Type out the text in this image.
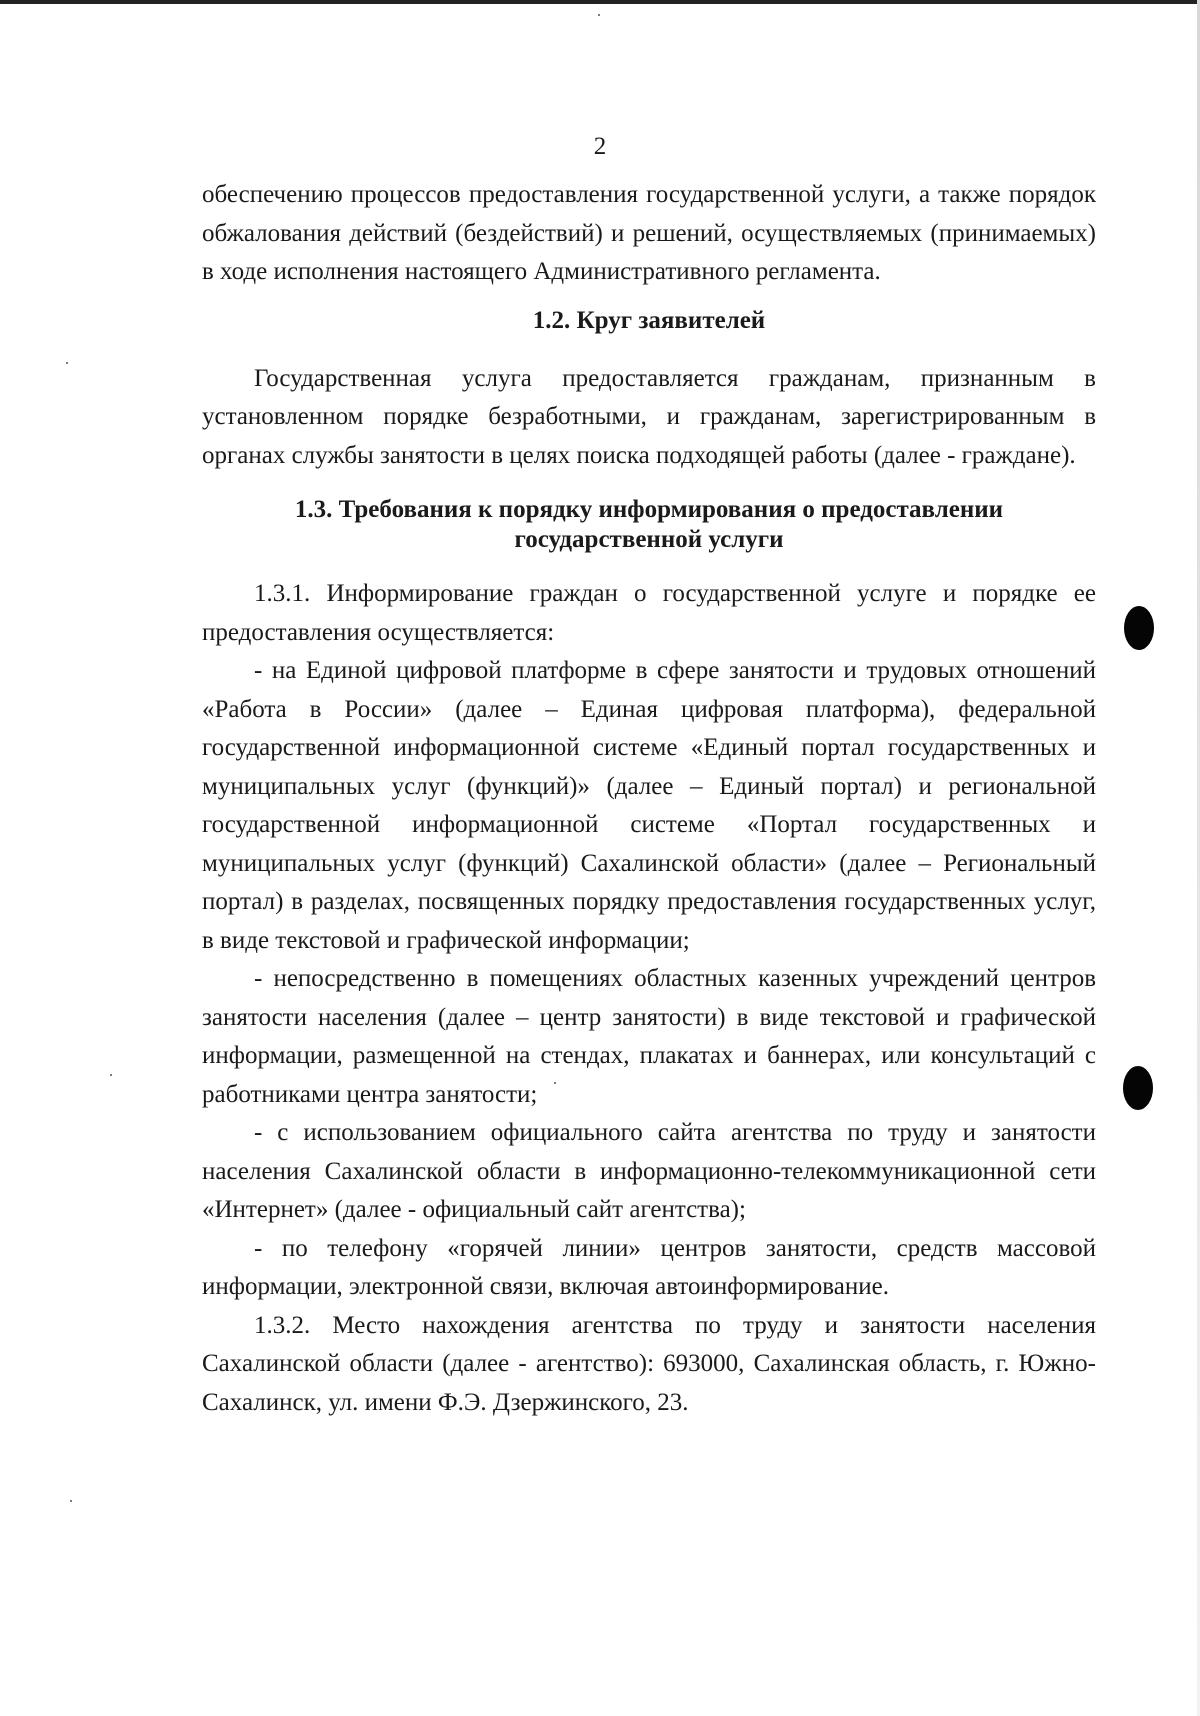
2

обеспечению процессов предоставления государственной услуги, а также порядок обжалования действий (бездействий) и решений, осуществляемых (принимаемых) в ходе исполнения настоящего Административного регламента.

1.2. Круг заявителей

Государственная услуга предоставляется гражданам, признанным в установленном порядке безработными, и гражданам, зарегистрированным в органах службы занятости в целях поиска подходящей работы (далее - граждане).

1.3. Требования к порядку информирования о предоставлении
государственной услуги

1.3.1. Информирование граждан о государственной услуге и порядке ее предоставления осуществляется:

- на Единой цифровой платформе в сфере занятости и трудовых отношений «Работа в России» (далее – Единая цифровая платформа), федеральной государственной информационной системе «Единый портал государственных и муниципальных услуг (функций)» (далее – Единый портал) и региональной государственной информационной системе «Портал государственных и муниципальных услуг (функций) Сахалинской области» (далее – Региональный портал) в разделах, посвященных порядку предоставления государственных услуг, в виде текстовой и графической информации;

- непосредственно в помещениях областных казенных учреждений центров занятости населения (далее – центр занятости) в виде текстовой и графической информации, размещенной на стендах, плакатах и баннерах, или консультаций с работниками центра занятости;

- с использованием официального сайта агентства по труду и занятости населения Сахалинской области в информационно-телекоммуникационной сети «Интернет» (далее - официальный сайт агентства);

- по телефону «горячей линии» центров занятости, средств массовой информации, электронной связи, включая автоинформирование.

1.3.2. Место нахождения агентства по труду и занятости населения Сахалинской области (далее - агентство): 693000, Сахалинская область, г. Южно-Сахалинск, ул. имени Ф.Э. Дзержинского, 23.
